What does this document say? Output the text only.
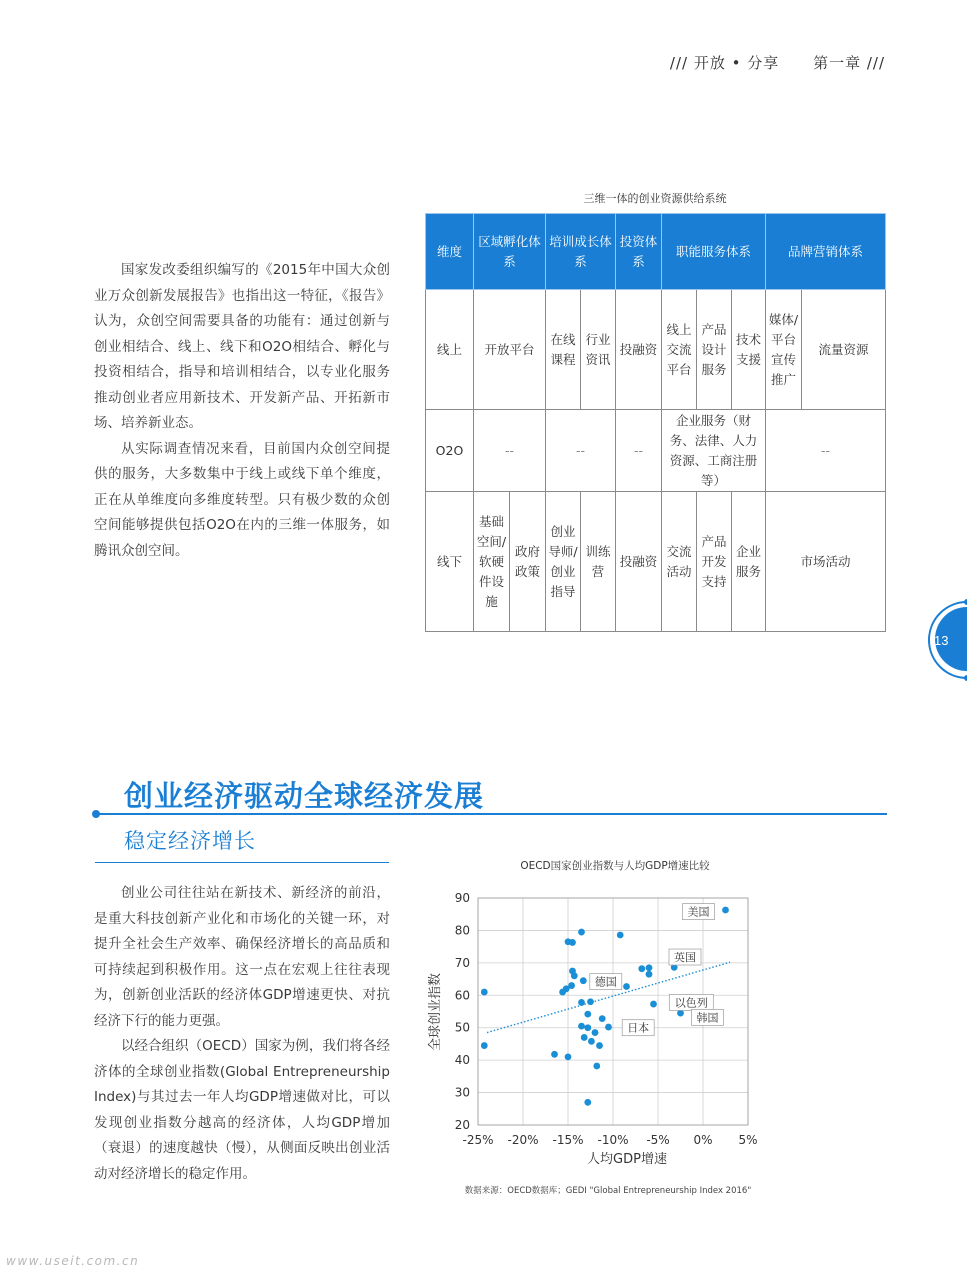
/// 开放 • 分享 第一章 ///

国家发改委组织编写的《2015年中国大众创业万众创新发展报告》也指出这一特征，《报告》认为，众创空间需要具备的功能有：通过创新与创业相结合、线上、线下和O2O相结合、孵化与投资相结合，指导和培训相结合，以专业化服务推动创业者应用新技术、开发新产品、开拓新市场、培养新业态。

从实际调查情况来看，目前国内众创空间提供的服务，大多数集中于线上或线下单个维度，正在从单维度向多维度转型。只有极少数的众创空间能够提供包括O2O在内的三维一体服务，如腾讯众创空间。

三维一体的创业资源供给系统
维度	区域孵化体系		培训成长体系		投资体系	职能服务体系			品牌营销体系	
线上	开放平台		在线课程	行业资讯	投融资	线上交流平台	产品设计服务	技术支援	媒体/平台宣传推广	流量资源
O2O	--		--		--	企业服务（财务、法律、人力资源、工商注册等）			--	
线下	基础空间/软硬件设施	政府政策	创业导师/创业指导	训练营	投融资	交流活动	产品开发支持	企业服务	市场活动	
13
创业经济驱动全球经济发展
稳定经济增长

创业公司往往站在新技术、新经济的前沿，是重大科技创新产业化和市场化的关键一环，对提升全社会生产效率、确保经济增长的高品质和可持续起到积极作用。这一点在宏观上往往表现为，创新创业活跃的经济体GDP增速更快、对抗经济下行的能力更强。

以经合组织（OECD）国家为例，我们将各经济体的全球创业指数(Global Entrepreneurship Index)与其过去一年人均GDP增速做对比，可以发现创业指数分越高的经济体，人均GDP增加（衰退）的速度越快（慢），从侧面反映出创业活动对经济增长的稳定作用。

OECD国家创业指数与人均GDP增速比较
-25% -20% -15% -10% -5% 0% 5%
20
30
40
50
60
70
80
90
美国
英国
德国
以色列
韩国
日本
人均GDP增速
全球创业指数
数据来源：OECD数据库；GEDI "Global Entrepreneurship Index 2016"
www.useit.com.cn
